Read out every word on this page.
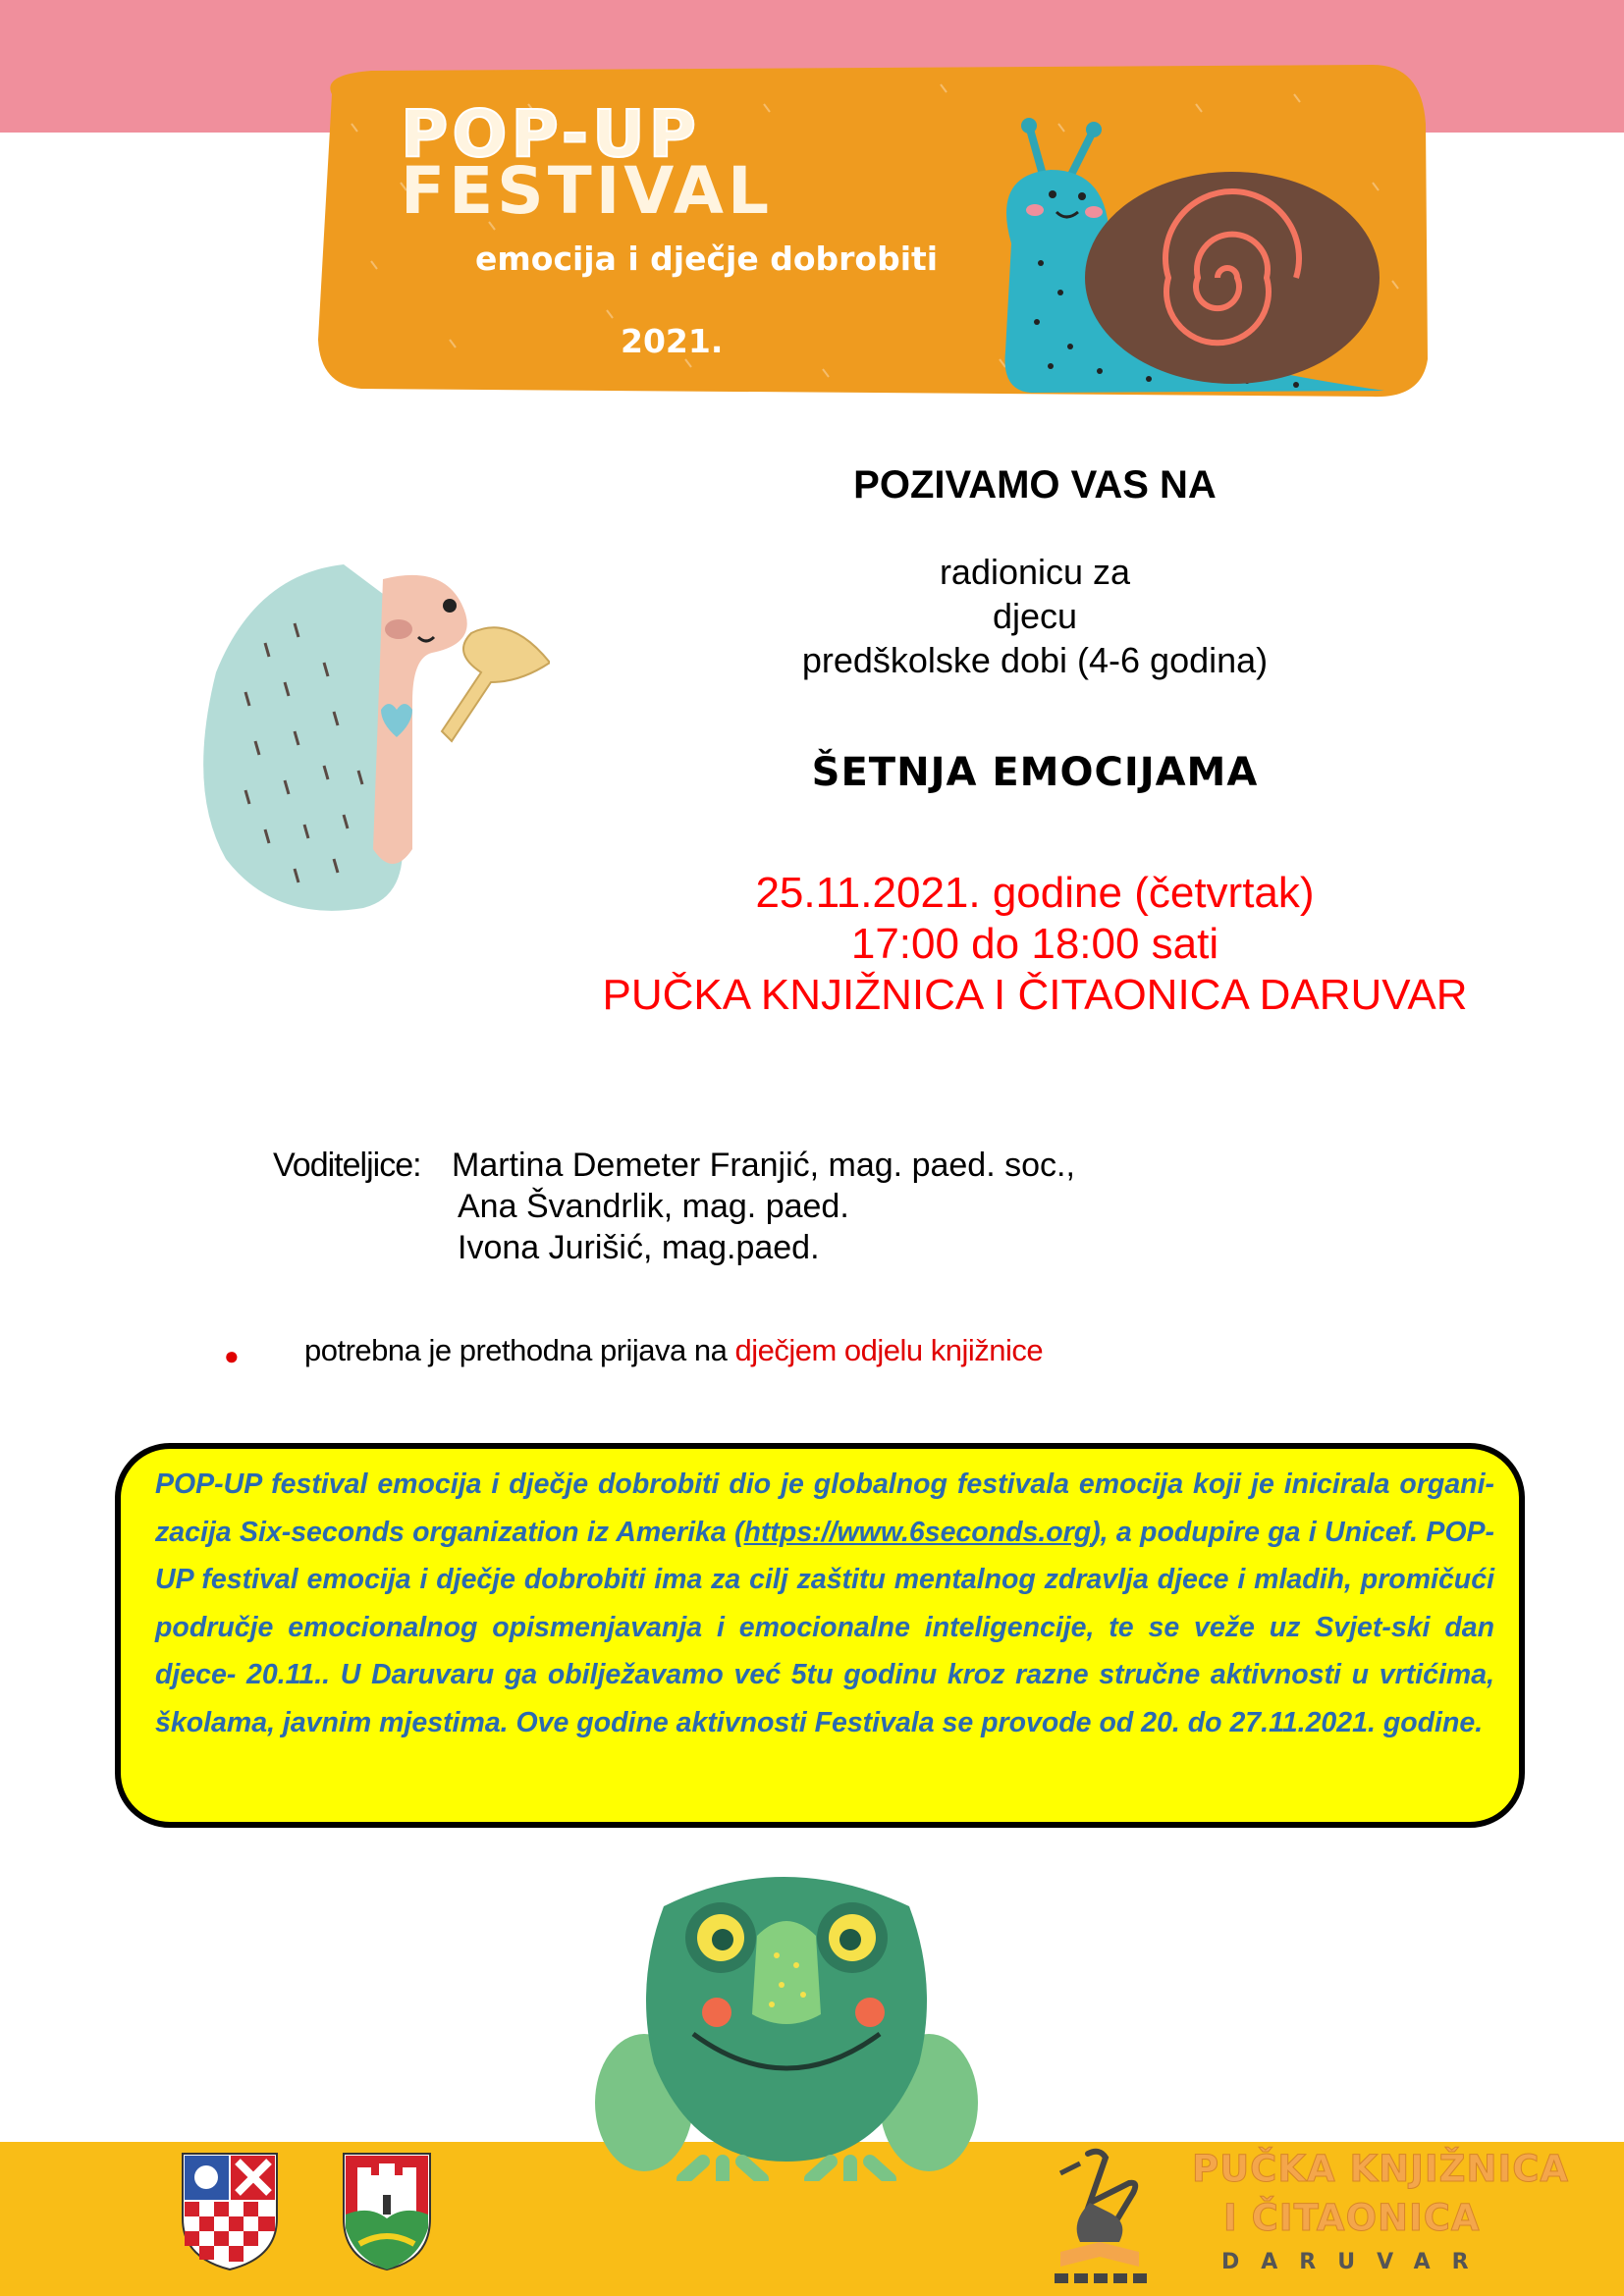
POP-UP
FESTIVAL
emocija i dječje dobrobiti
2021.
POZIVAMO VAS NA
radionicu za
djecu
predškolske dobi (4-6 godina)
ŠETNJA EMOCIJAMA
25.11.2021. godine (četvrtak)
17:00 do 18:00 sati
PUČKA KNJIŽNICA I ČITAONICA DARUVAR
Voditeljice: Martina Demeter Franjić, mag. paed. soc.,
Ana Švandrlik, mag. paed.
Ivona Jurišić, mag.paed.
● potrebna je prethodna prijava na dječjem odjelu knjižnice
POP-UP festival emocija i dječje dobrobiti dio je globalnog festivala emocija koji je inicirala organi-zacija Six-seconds organization iz Amerika (https://www.6seconds.org), a podupire ga i Unicef. POP-UP festival emocija i dječje dobrobiti ima za cilj zaštitu mentalnog zdravlja djece i mladih, promičući područje emocionalnog opismenjavanja i emocionalne inteligencije, te se veže uz Svjet-ski dan djece- 20.11.. U Daruvaru ga obilježavamo već 5tu godinu kroz razne stručne aktivnosti u vrtićima, školama, javnim mjestima. Ove godine aktivnosti Festivala se provode od 20. do 27.11.2021. godine.
PUČKA KNJIŽNICA
I ČITAONICA
DARUVAR
